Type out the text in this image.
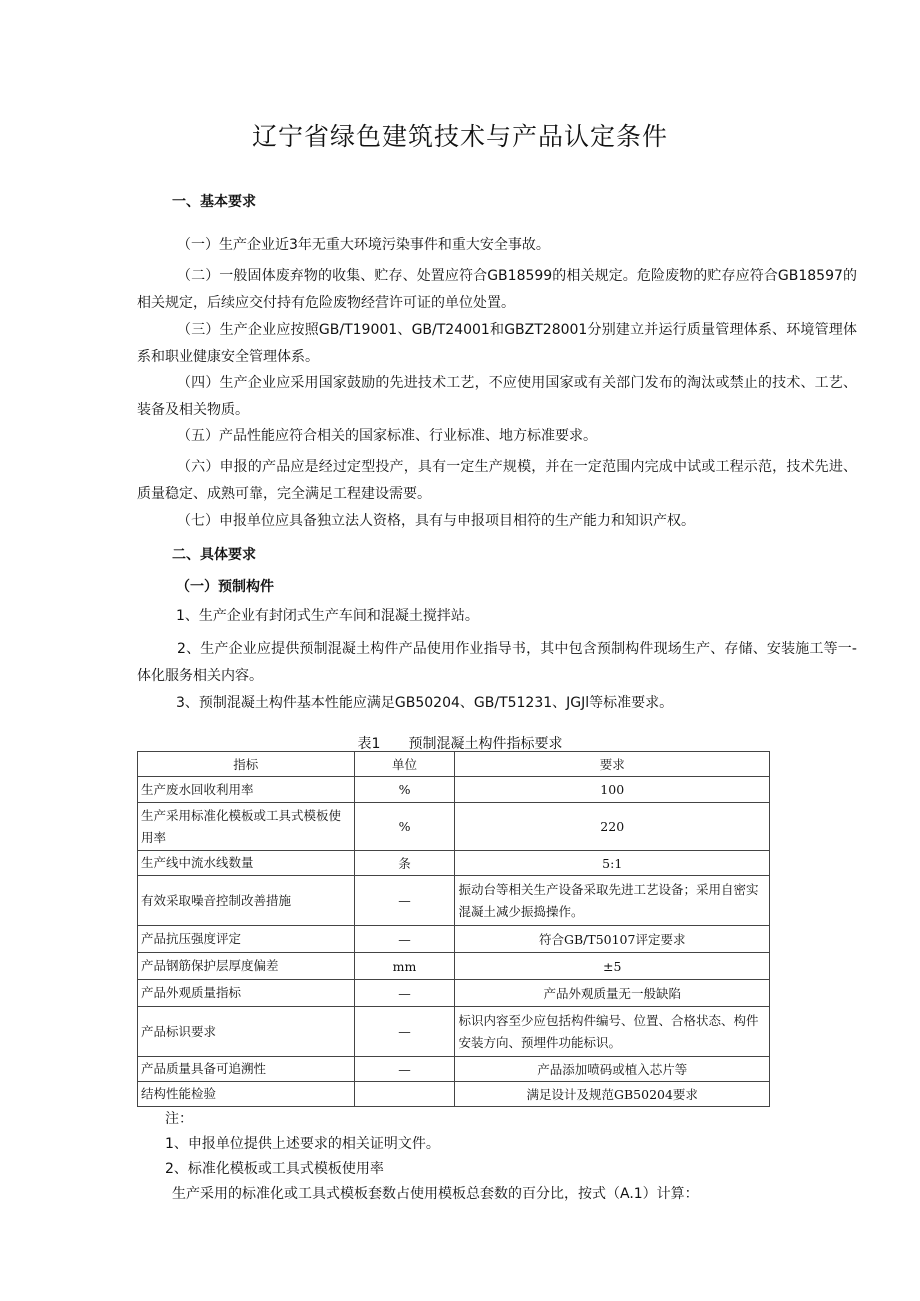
辽宁省绿色建筑技术与产品认定条件
一、基本要求
（一）生产企业近3年无重大环境污染事件和重大安全事故。
（二）一般固体废弃物的收集、贮存、处置应符合GB18599的相关规定。危险废物的贮存应符合GB18597的相关规定，后续应交付持有危险废物经营许可证的单位处置。
（三）生产企业应按照GB/T19001、GB/T24001和GBZT28001分别建立并运行质量管理体系、环境管理体系和职业健康安全管理体系。
（四）生产企业应采用国家鼓励的先进技术工艺，不应使用国家或有关部门发布的淘汰或禁止的技术、工艺、装备及相关物质。
（五）产品性能应符合相关的国家标准、行业标准、地方标准要求。
（六）申报的产品应是经过定型投产，具有一定生产规模，并在一定范围内完成中试或工程示范，技术先进、质量稳定、成熟可靠，完全满足工程建设需要。
（七）申报单位应具备独立法人资格，具有与申报项目相符的生产能力和知识产权。
二、具体要求
（一）预制构件
1、生产企业有封闭式生产车间和混凝土搅拌站。
2、生产企业应提供预制混凝土构件产品使用作业指导书，其中包含预制构件现场生产、存储、安装施工等一-体化服务相关内容。
3、预制混凝土构件基本性能应满足GB50204、GB/T51231、JGJl等标准要求。
表1　　预制混凝土构件指标要求
指标	单位	要求
生产废水回收利用率	%	100
生产采用标准化模板或工具式模板使用率	%	220
生产线中流水线数量	条	5:1
有效采取噪音控制改善措施	—	振动台等相关生产设备采取先进工艺设备；采用自密实混凝土减少振捣操作。
产品抗压强度评定	—	符合GB/T50107评定要求
产品钢筋保护层厚度偏差	mm	±5
产品外观质量指标	—	产品外观质量无一般缺陷
产品标识要求	—	标识内容至少应包括构件编号、位置、合格状态、构件安装方向、预埋件功能标识。
产品质量具备可追溯性	—	产品添加喷码或植入芯片等
结构性能检验		满足设计及规范GB50204要求
注：
1、申报单位提供上述要求的相关证明文件。
2、标准化模板或工具式模板使用率
生产采用的标准化或工具式模板套数占使用模板总套数的百分比，按式（A.1）计算：
